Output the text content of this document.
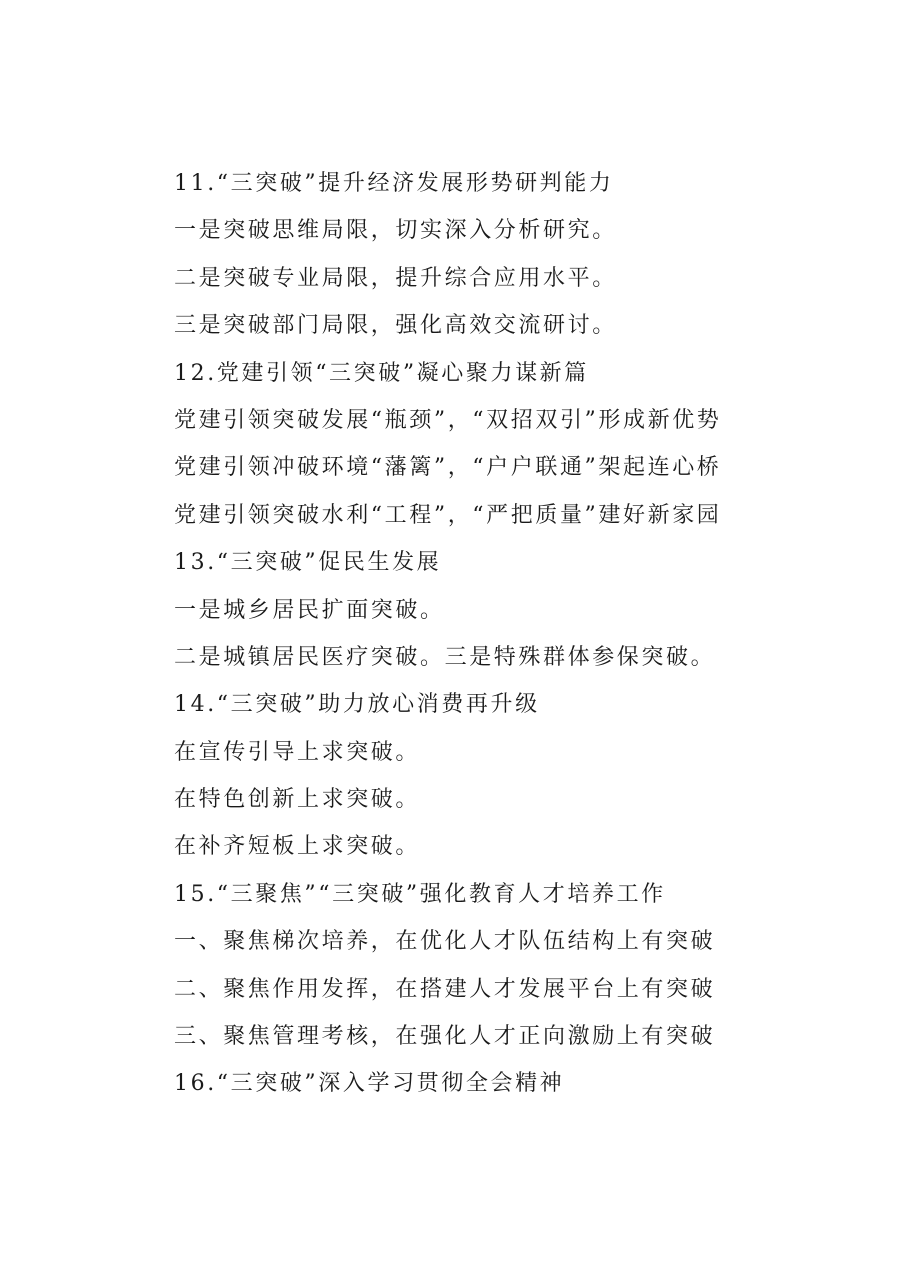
11.“三突破”提升经济发展形势研判能力
一是突破思维局限，切实深入分析研究。
二是突破专业局限，提升综合应用水平。
三是突破部门局限，强化高效交流研讨。
12.党建引领“三突破”凝心聚力谋新篇
党建引领突破发展“瓶颈”，“双招双引”形成新优势
党建引领冲破环境“藩篱”，“户户联通”架起连心桥
党建引领突破水利“工程”，“严把质量”建好新家园
13.“三突破”促民生发展
一是城乡居民扩面突破。
二是城镇居民医疗突破。三是特殊群体参保突破。
14.“三突破”助力放心消费再升级
在宣传引导上求突破。
在特色创新上求突破。
在补齐短板上求突破。
15.“三聚焦”“三突破”强化教育人才培养工作
一、聚焦梯次培养，在优化人才队伍结构上有突破
二、聚焦作用发挥，在搭建人才发展平台上有突破
三、聚焦管理考核，在强化人才正向激励上有突破
16.“三突破”深入学习贯彻全会精神
